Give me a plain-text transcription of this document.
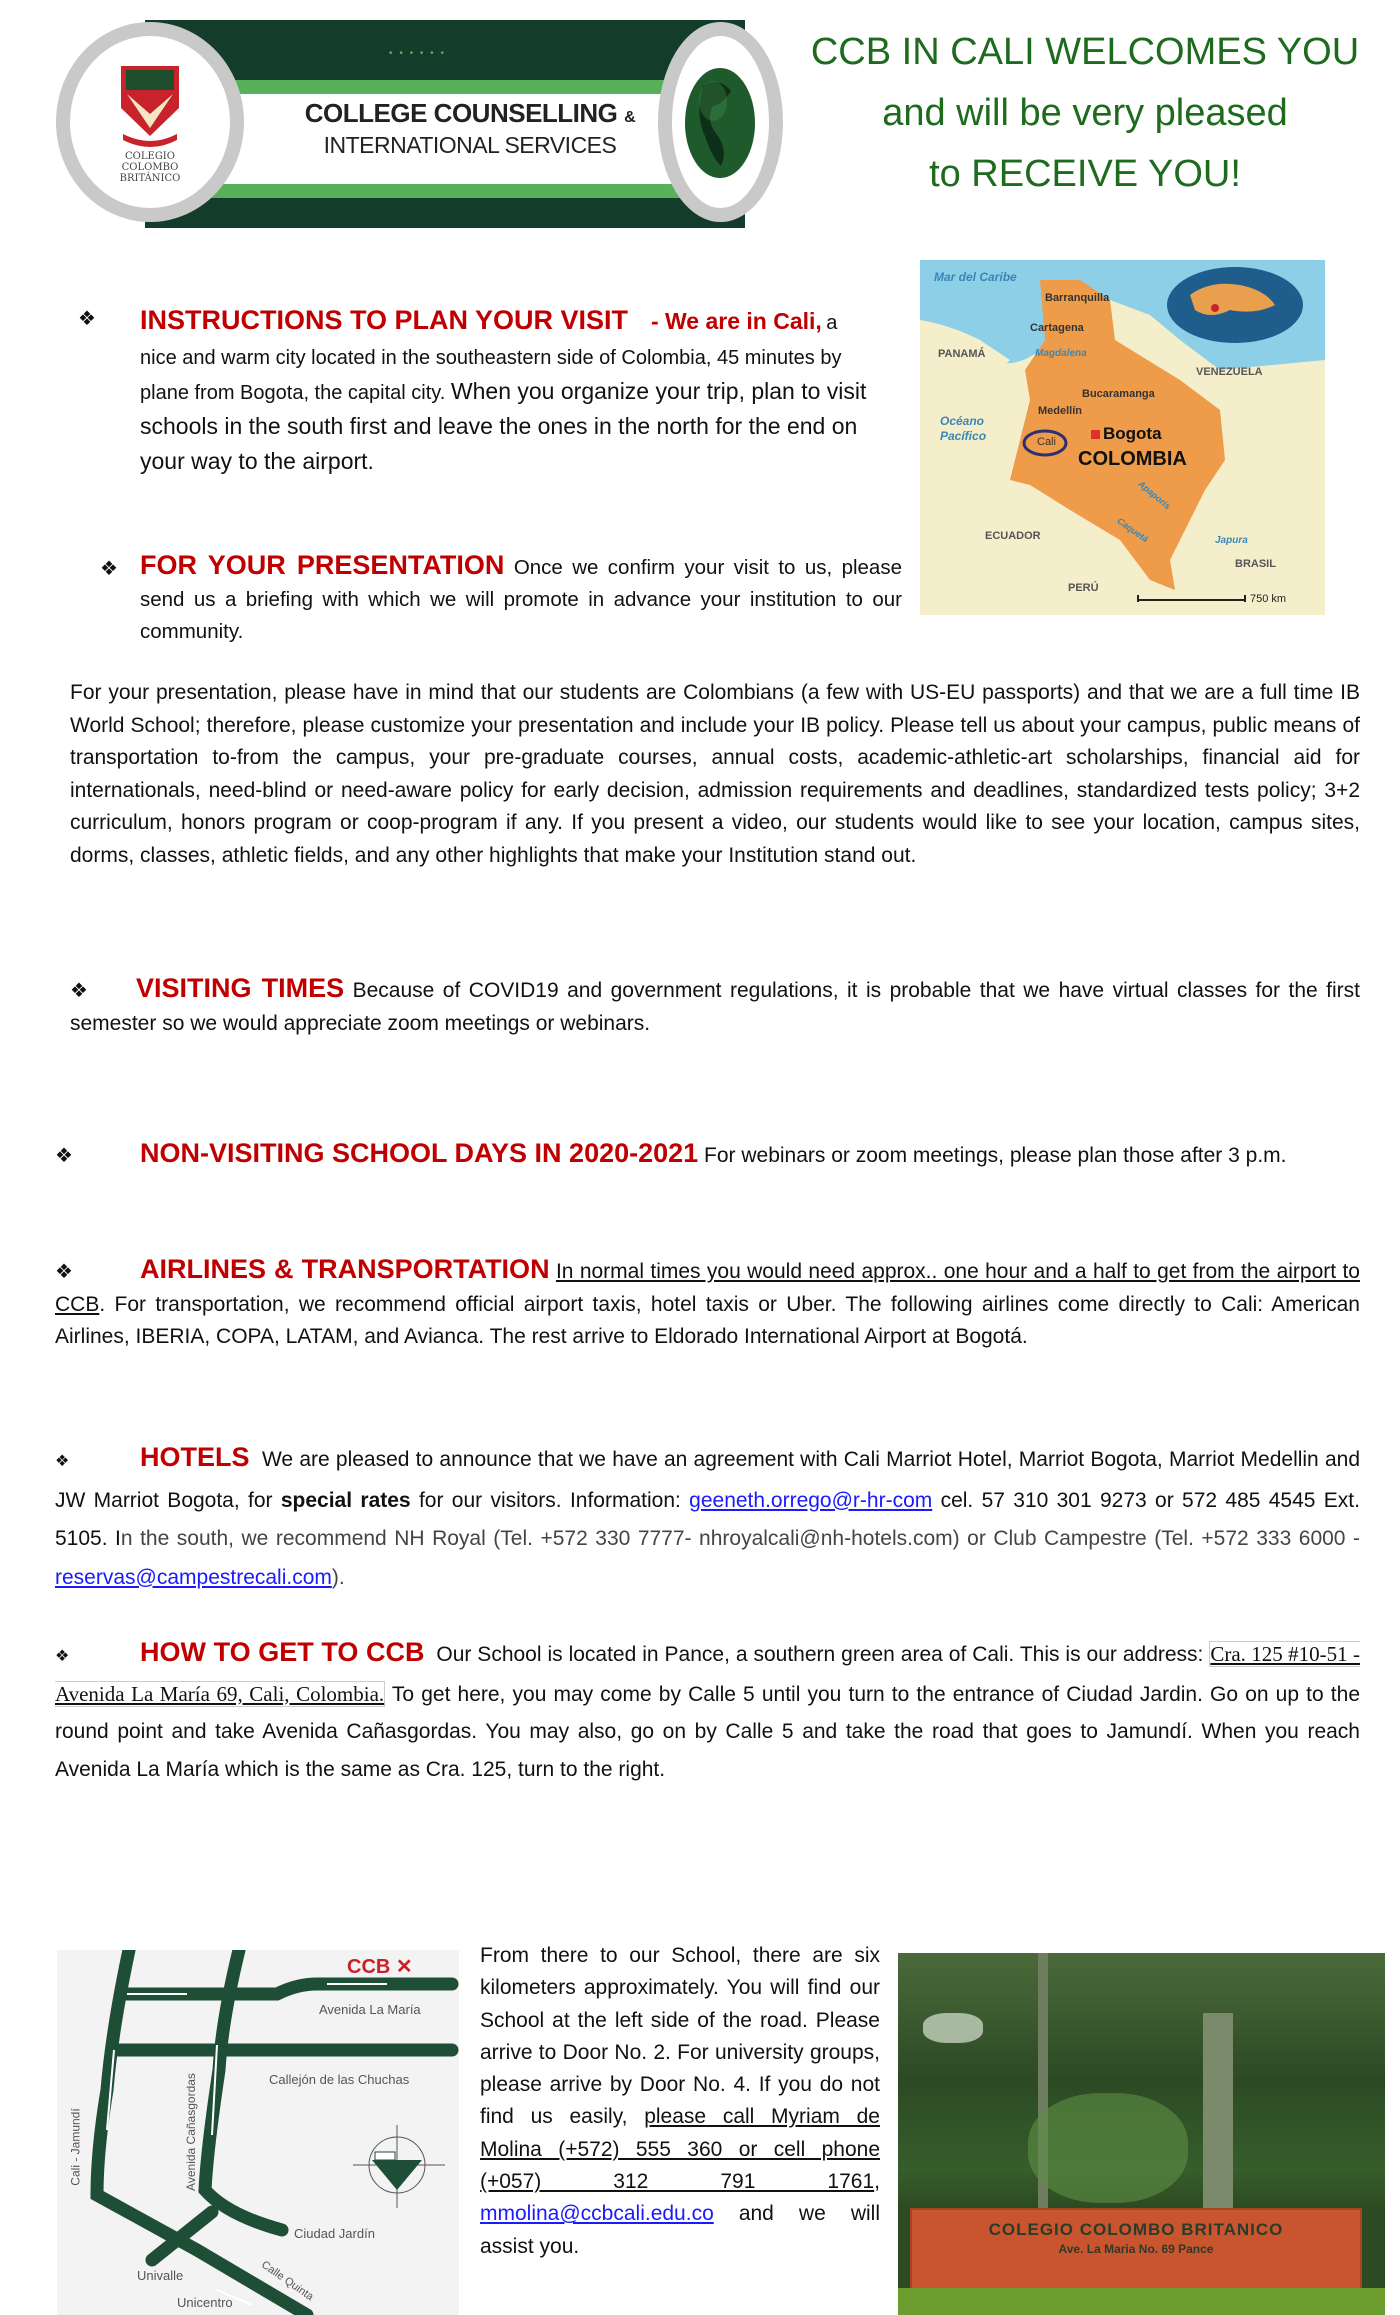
• • • • • •
COLLEGE COUNSELLING &
INTERNATIONAL SERVICES
COLEGIO
COLOMBO
BRITÁNICO
CCB IN CALI WELCOMES YOU
and will be very pleased
to RECEIVE YOU!
❖ INSTRUCTIONS TO PLAN YOUR VISIT - We are in Cali, a
nice and warm city located in the southeastern side of Colombia, 45 minutes by plane from Bogota, the capital city. When you organize your trip, plan to visit schools in the south first and leave the ones in the north for the end on your way to the airport.
Mar del Caribe
Océano Pacífico
PANAMÁ
VENEZUELA
ECUADOR
PERÚ
BRASIL
Barranquilla
Cartagena
Medellín
Bucaramanga
Cali	Bogota
COLOMBIA
Magdalena
Apaporis
Caquetá	Japura
750 km
❖ FOR YOUR PRESENTATION Once we confirm your visit to us, please send us a briefing with which we will promote in advance your institution to our community.
For your presentation, please have in mind that our students are Colombians (a few with US-EU passports) and that we are a full time IB World School; therefore, please customize your presentation and include your IB policy. Please tell us about your campus, public means of transportation to-from the campus, your pre-graduate courses, annual costs, academic-athletic-art scholarships, financial aid for internationals, need-blind or need-aware policy for early decision, admission requirements and deadlines, standardized tests policy; 3+2 curriculum, honors program or coop-program if any. If you present a video, our students would like to see your location, campus sites, dorms, classes, athletic fields, and any other highlights that make your Institution stand out.
❖ VISITING TIMES Because of COVID19 and government regulations, it is probable that we have virtual classes for the first semester so we would appreciate zoom meetings or webinars.
❖ NON-VISITING SCHOOL DAYS IN 2020-2021 For webinars or zoom meetings, please plan those after 3 p.m.
❖ AIRLINES & TRANSPORTATION In normal times you would need approx.. one hour and a half to get from the airport to CCB. For transportation, we recommend official airport taxis, hotel taxis or Uber. The following airlines come directly to Cali: American Airlines, IBERIA, COPA, LATAM, and Avianca. The rest arrive to Eldorado International Airport at Bogotá.
❖	HOTELS We are pleased to announce that we have an agreement with Cali Marriot Hotel, Marriot Bogota, Marriot Medellin and JW Marriot Bogota, for special rates for our visitors. Information: geeneth.orrego@r-hr-com cel. 57 310 301 9273 or 572 485 4545 Ext. 5105. In the south, we recommend NH Royal (Tel. +572 330 7777- nhroyalcali@nh-hotels.com) or Club Campestre (Tel. +572 333 6000 - reservas@campestrecali.com).
❖	HOW TO GET TO CCB Our School is located in Pance, a southern green area of Cali. This is our address: Cra. 125 #10-51 - Avenida La María 69, Cali, Colombia. To get here, you may come by Calle 5 until you turn to the entrance of Ciudad Jardin. Go on up to the round point and take Avenida Cañasgordas. You may also, go on by Calle 5 and take the road that goes to Jamundí. When you reach Avenida La María which is the same as Cra. 125, turn to the right.
CCB ✕
Avenida La María
Callejón de las Chuchas
Cali - Jamundí	Avenida Cañasgordas
Ciudad Jardín
Univalle	Calle Quinta
Unicentro
From there to our School, there are six kilometers approximately. You will find our School at the left side of the road. Please arrive to Door No. 2. For university groups, please arrive by Door No. 4. If you do not find us easily, please call Myriam de Molina (+572) 555 360 or cell phone (+057) 312 791 1761, mmolina@ccbcali.edu.co and we will assist you.
COLEGIO COLOMBO BRITANICO
Ave. La Maria No. 69 Pance
